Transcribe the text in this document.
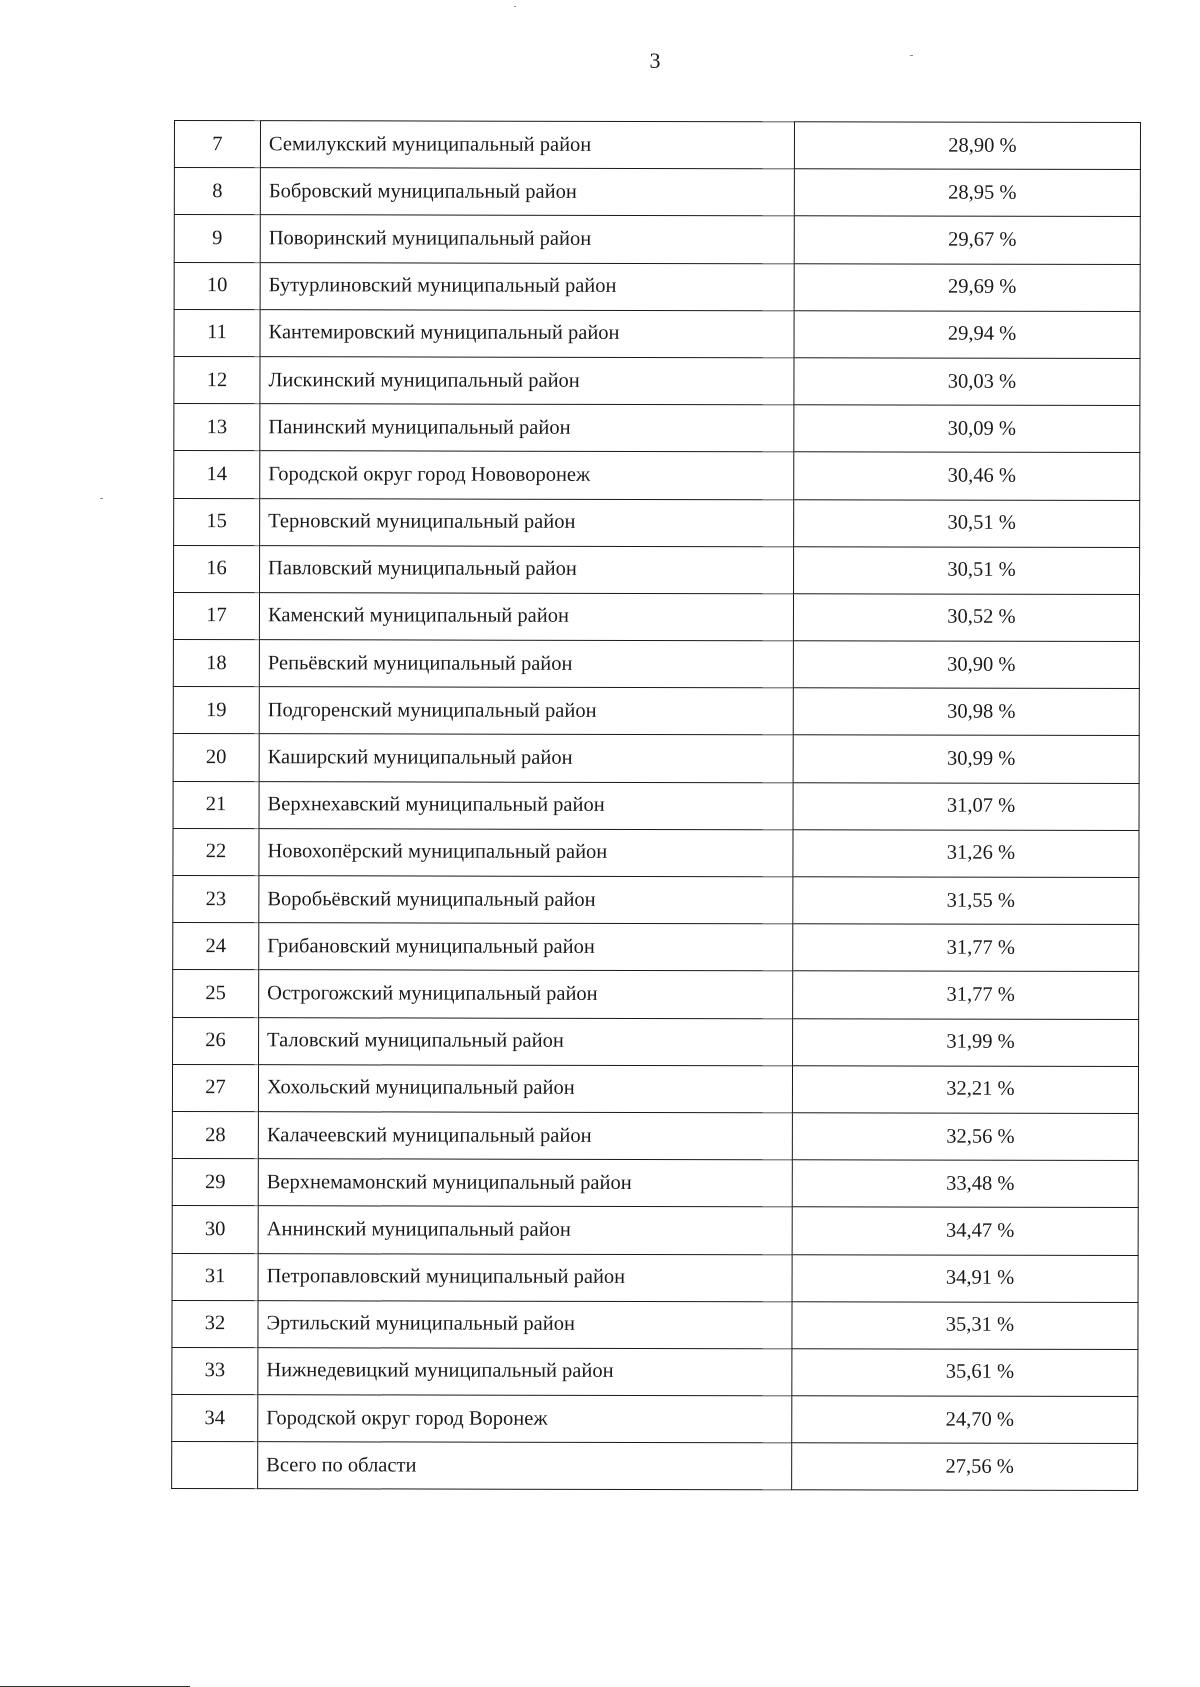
3
7	Семилукский муниципальный район	28,90 %
8	Бобровский муниципальный район	28,95 %
9	Поворинский муниципальный район	29,67 %
10	Бутурлиновский муниципальный район	29,69 %
11	Кантемировский муниципальный район	29,94 %
12	Лискинский муниципальный район	30,03 %
13	Панинский муниципальный район	30,09 %
14	Городской округ город Нововоронеж	30,46 %
15	Терновский муниципальный район	30,51 %
16	Павловский муниципальный район	30,51 %
17	Каменский муниципальный район	30,52 %
18	Репьёвский муниципальный район	30,90 %
19	Подгоренский муниципальный район	30,98 %
20	Каширский муниципальный район	30,99 %
21	Верхнехавский муниципальный район	31,07 %
22	Новохопёрский муниципальный район	31,26 %
23	Воробьёвский муниципальный район	31,55 %
24	Грибановский муниципальный район	31,77 %
25	Острогожский муниципальный район	31,77 %
26	Таловский муниципальный район	31,99 %
27	Хохольский муниципальный район	32,21 %
28	Калачеевский муниципальный район	32,56 %
29	Верхнемамонский муниципальный район	33,48 %
30	Аннинский муниципальный район	34,47 %
31	Петропавловский муниципальный район	34,91 %
32	Эртильский муниципальный район	35,31 %
33	Нижнедевицкий муниципальный район	35,61 %
34	Городской округ город Воронеж	24,70 %
	Всего по области	27,56 %
